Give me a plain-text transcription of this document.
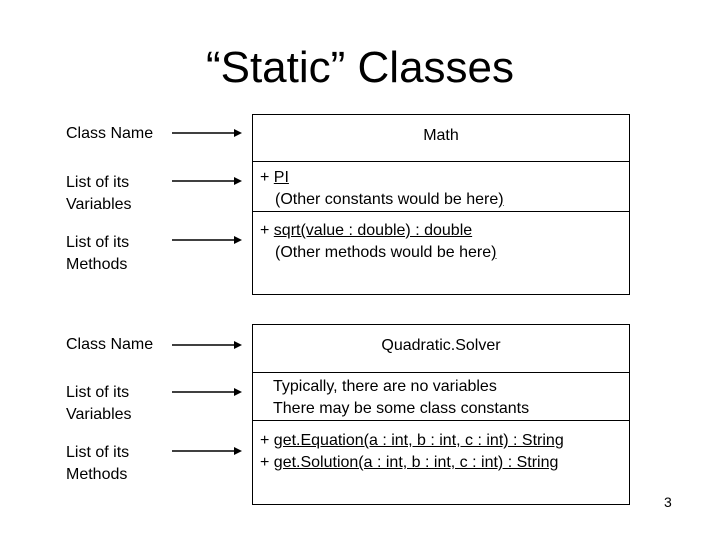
“Static” Classes
Class Name
List of its
Variables
List of its
Methods
Math
+ PI
(Other constants would be here)
+ sqrt(value : double) : double
(Other methods would be here)
Class Name
List of its
Variables
List of its
Methods
Quadratic.Solver
Typically, there are no variables
There may be some class constants
+ get.Equation(a : int, b : int, c : int) : String
+ get.Solution(a : int, b : int, c : int) : String
3
